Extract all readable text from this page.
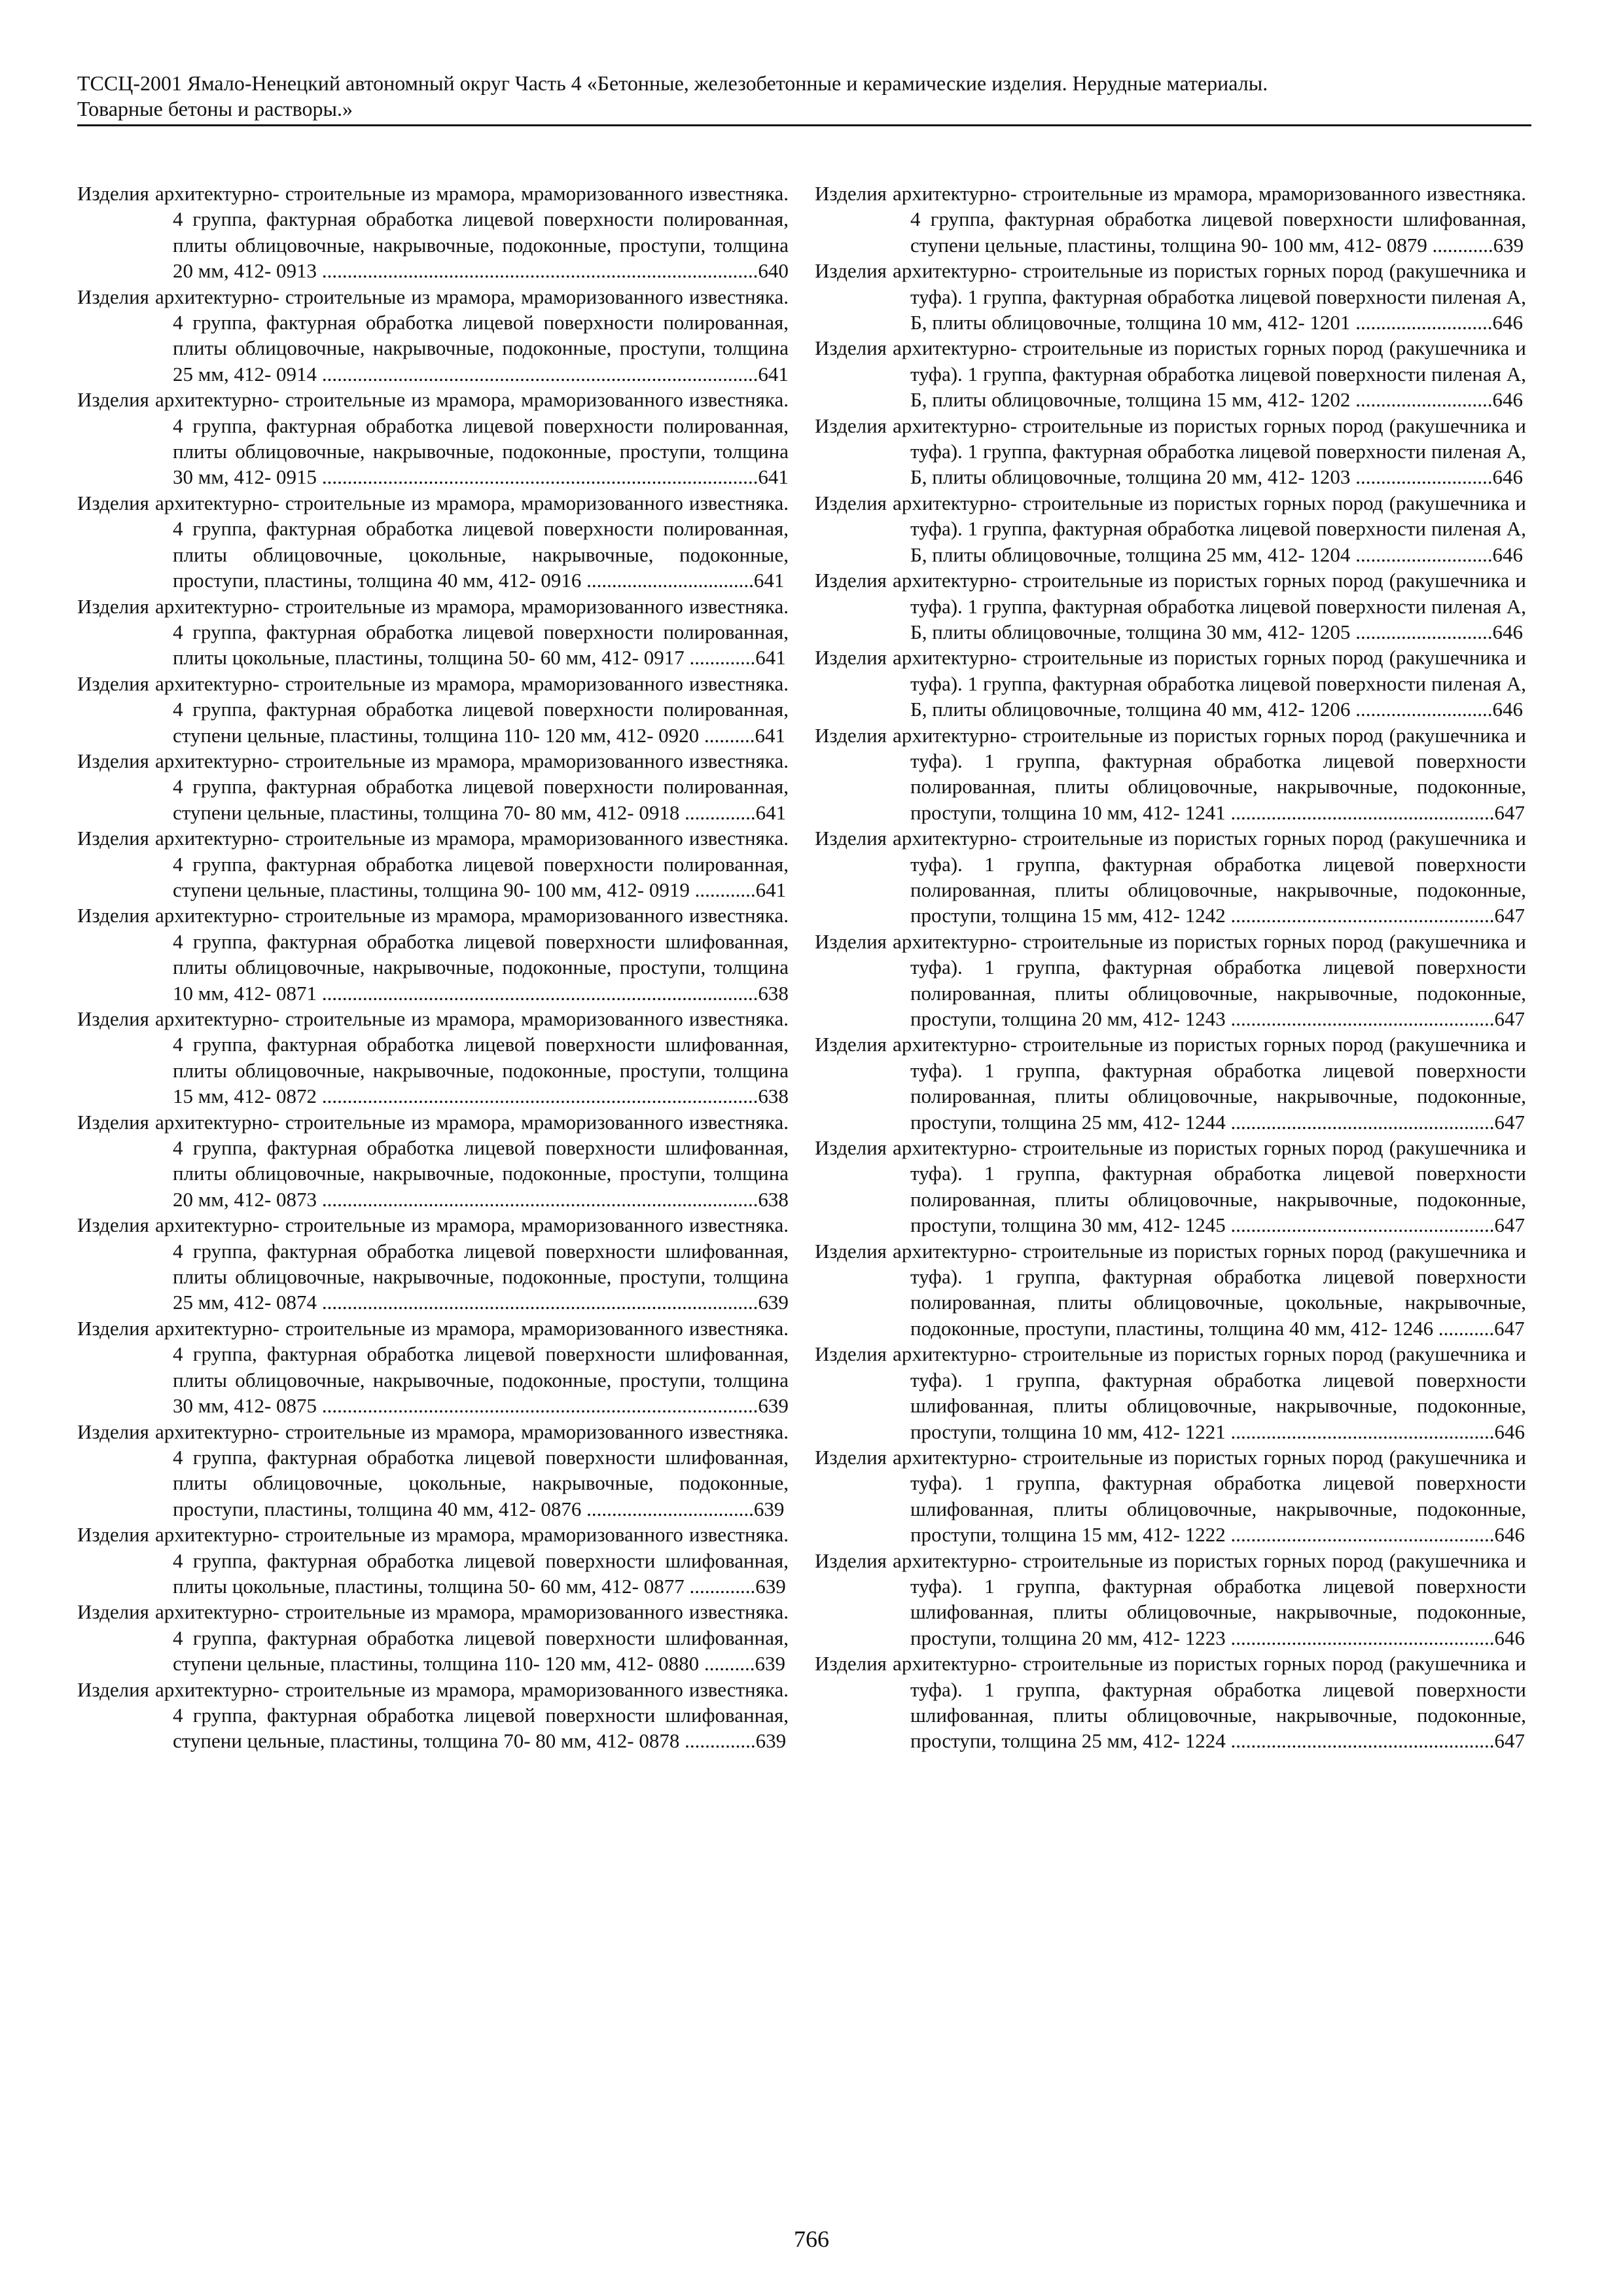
ТССЦ-2001 Ямало-Ненецкий автономный округ Часть 4 «Бетонные, железобетонные и керамические изделия. Нерудные материалы.
Товарные бетоны и растворы.»
Изделия архитектурно- строительные из мрамора, мраморизованного известняка. 4 группа, фактурная обработка лицевой поверхности полированная, плиты облицовочные, накрывочные, подоконные, проступи, толщина 20 мм, 412- 0913 ......................................................................................640
Изделия архитектурно- строительные из мрамора, мраморизованного известняка. 4 группа, фактурная обработка лицевой поверхности полированная, плиты облицовочные, накрывочные, подоконные, проступи, толщина 25 мм, 412- 0914 ......................................................................................641
Изделия архитектурно- строительные из мрамора, мраморизованного известняка. 4 группа, фактурная обработка лицевой поверхности полированная, плиты облицовочные, накрывочные, подоконные, проступи, толщина 30 мм, 412- 0915 ......................................................................................641
Изделия архитектурно- строительные из мрамора, мраморизованного известняка. 4 группа, фактурная обработка лицевой поверхности полированная, плиты облицовочные, цокольные, накрывочные, подоконные, проступи, пластины, толщина 40 мм, 412- 0916 .................................641
Изделия архитектурно- строительные из мрамора, мраморизованного известняка. 4 группа, фактурная обработка лицевой поверхности полированная, плиты цокольные, пластины, толщина 50- 60 мм, 412- 0917 .............641
Изделия архитектурно- строительные из мрамора, мраморизованного известняка. 4 группа, фактурная обработка лицевой поверхности полированная, ступени цельные, пластины, толщина 110- 120 мм, 412- 0920 ..........641
Изделия архитектурно- строительные из мрамора, мраморизованного известняка. 4 группа, фактурная обработка лицевой поверхности полированная, ступени цельные, пластины, толщина 70- 80 мм, 412- 0918 ..............641
Изделия архитектурно- строительные из мрамора, мраморизованного известняка. 4 группа, фактурная обработка лицевой поверхности полированная, ступени цельные, пластины, толщина 90- 100 мм, 412- 0919 ............641
Изделия архитектурно- строительные из мрамора, мраморизованного известняка. 4 группа, фактурная обработка лицевой поверхности шлифованная, плиты облицовочные, накрывочные, подоконные, проступи, толщина 10 мм, 412- 0871 ......................................................................................638
Изделия архитектурно- строительные из мрамора, мраморизованного известняка. 4 группа, фактурная обработка лицевой поверхности шлифованная, плиты облицовочные, накрывочные, подоконные, проступи, толщина 15 мм, 412- 0872 ......................................................................................638
Изделия архитектурно- строительные из мрамора, мраморизованного известняка. 4 группа, фактурная обработка лицевой поверхности шлифованная, плиты облицовочные, накрывочные, подоконные, проступи, толщина 20 мм, 412- 0873 ......................................................................................638
Изделия архитектурно- строительные из мрамора, мраморизованного известняка. 4 группа, фактурная обработка лицевой поверхности шлифованная, плиты облицовочные, накрывочные, подоконные, проступи, толщина 25 мм, 412- 0874 ......................................................................................639
Изделия архитектурно- строительные из мрамора, мраморизованного известняка. 4 группа, фактурная обработка лицевой поверхности шлифованная, плиты облицовочные, накрывочные, подоконные, проступи, толщина 30 мм, 412- 0875 ......................................................................................639
Изделия архитектурно- строительные из мрамора, мраморизованного известняка. 4 группа, фактурная обработка лицевой поверхности шлифованная, плиты облицовочные, цокольные, накрывочные, подоконные, проступи, пластины, толщина 40 мм, 412- 0876 .................................639
Изделия архитектурно- строительные из мрамора, мраморизованного известняка. 4 группа, фактурная обработка лицевой поверхности шлифованная, плиты цокольные, пластины, толщина 50- 60 мм, 412- 0877 .............639
Изделия архитектурно- строительные из мрамора, мраморизованного известняка. 4 группа, фактурная обработка лицевой поверхности шлифованная, ступени цельные, пластины, толщина 110- 120 мм, 412- 0880 ..........639
Изделия архитектурно- строительные из мрамора, мраморизованного известняка. 4 группа, фактурная обработка лицевой поверхности шлифованная, ступени цельные, пластины, толщина 70- 80 мм, 412- 0878 ..............639
Изделия архитектурно- строительные из мрамора, мраморизованного известняка. 4 группа, фактурная обработка лицевой поверхности шлифованная, ступени цельные, пластины, толщина 90- 100 мм, 412- 0879 ............639
Изделия архитектурно- строительные из пористых горных пород (ракушечника и туфа). 1 группа, фактурная обработка лицевой поверхности пиленая А, Б, плиты облицовочные, толщина 10 мм, 412- 1201 ...........................646
Изделия архитектурно- строительные из пористых горных пород (ракушечника и туфа). 1 группа, фактурная обработка лицевой поверхности пиленая А, Б, плиты облицовочные, толщина 15 мм, 412- 1202 ...........................646
Изделия архитектурно- строительные из пористых горных пород (ракушечника и туфа). 1 группа, фактурная обработка лицевой поверхности пиленая А, Б, плиты облицовочные, толщина 20 мм, 412- 1203 ...........................646
Изделия архитектурно- строительные из пористых горных пород (ракушечника и туфа). 1 группа, фактурная обработка лицевой поверхности пиленая А, Б, плиты облицовочные, толщина 25 мм, 412- 1204 ...........................646
Изделия архитектурно- строительные из пористых горных пород (ракушечника и туфа). 1 группа, фактурная обработка лицевой поверхности пиленая А, Б, плиты облицовочные, толщина 30 мм, 412- 1205 ...........................646
Изделия архитектурно- строительные из пористых горных пород (ракушечника и туфа). 1 группа, фактурная обработка лицевой поверхности пиленая А, Б, плиты облицовочные, толщина 40 мм, 412- 1206 ...........................646
Изделия архитектурно- строительные из пористых горных пород (ракушечника и туфа). 1 группа, фактурная обработка лицевой поверхности полированная, плиты облицовочные, накрывочные, подоконные, проступи, толщина 10 мм, 412- 1241 ....................................................647
Изделия архитектурно- строительные из пористых горных пород (ракушечника и туфа). 1 группа, фактурная обработка лицевой поверхности полированная, плиты облицовочные, накрывочные, подоконные, проступи, толщина 15 мм, 412- 1242 ....................................................647
Изделия архитектурно- строительные из пористых горных пород (ракушечника и туфа). 1 группа, фактурная обработка лицевой поверхности полированная, плиты облицовочные, накрывочные, подоконные, проступи, толщина 20 мм, 412- 1243 ....................................................647
Изделия архитектурно- строительные из пористых горных пород (ракушечника и туфа). 1 группа, фактурная обработка лицевой поверхности полированная, плиты облицовочные, накрывочные, подоконные, проступи, толщина 25 мм, 412- 1244 ....................................................647
Изделия архитектурно- строительные из пористых горных пород (ракушечника и туфа). 1 группа, фактурная обработка лицевой поверхности полированная, плиты облицовочные, накрывочные, подоконные, проступи, толщина 30 мм, 412- 1245 ....................................................647
Изделия архитектурно- строительные из пористых горных пород (ракушечника и туфа). 1 группа, фактурная обработка лицевой поверхности полированная, плиты облицовочные, цокольные, накрывочные, подоконные, проступи, пластины, толщина 40 мм, 412- 1246 ...........647
Изделия архитектурно- строительные из пористых горных пород (ракушечника и туфа). 1 группа, фактурная обработка лицевой поверхности шлифованная, плиты облицовочные, накрывочные, подоконные, проступи, толщина 10 мм, 412- 1221 ....................................................646
Изделия архитектурно- строительные из пористых горных пород (ракушечника и туфа). 1 группа, фактурная обработка лицевой поверхности шлифованная, плиты облицовочные, накрывочные, подоконные, проступи, толщина 15 мм, 412- 1222 ....................................................646
Изделия архитектурно- строительные из пористых горных пород (ракушечника и туфа). 1 группа, фактурная обработка лицевой поверхности шлифованная, плиты облицовочные, накрывочные, подоконные, проступи, толщина 20 мм, 412- 1223 ....................................................646
Изделия архитектурно- строительные из пористых горных пород (ракушечника и туфа). 1 группа, фактурная обработка лицевой поверхности шлифованная, плиты облицовочные, накрывочные, подоконные, проступи, толщина 25 мм, 412- 1224 ....................................................647
766
